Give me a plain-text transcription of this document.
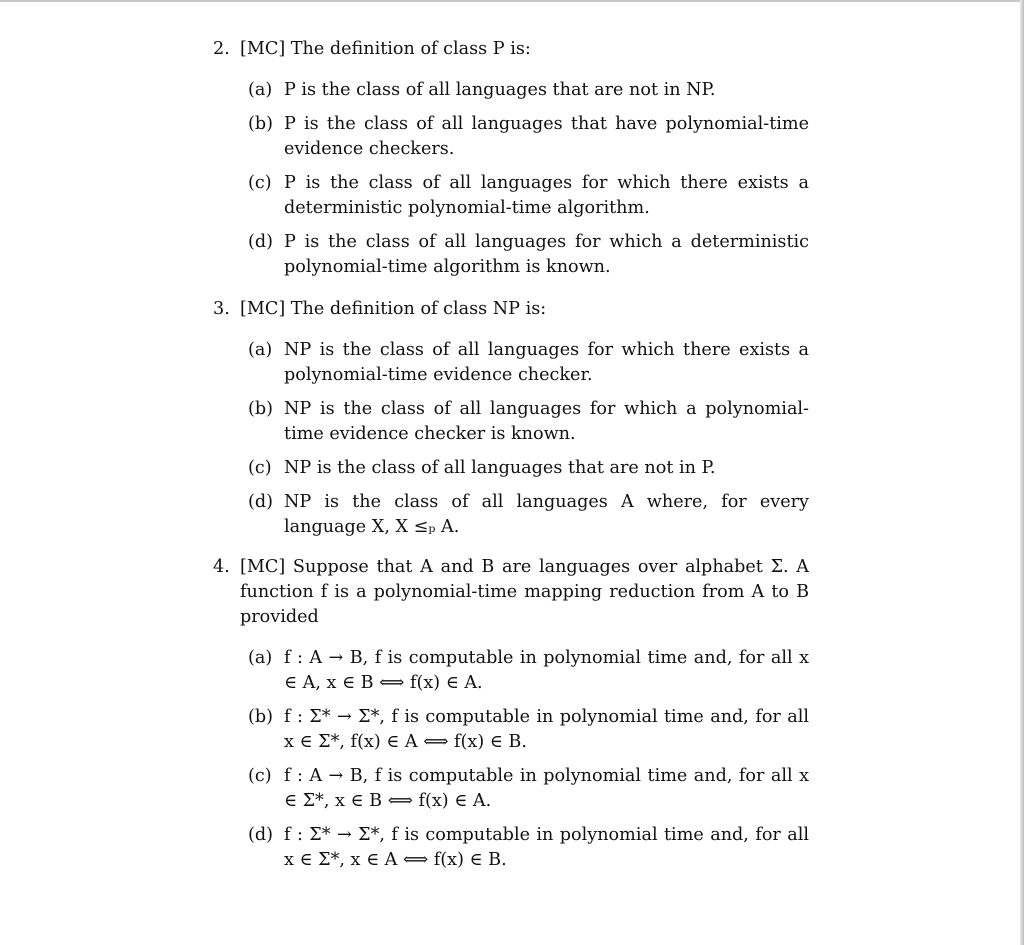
2. [MC] The definition of class P is:
(a) P is the class of all languages that are not in NP.
(b) P is the class of all languages that have polynomial-time evidence checkers.
(c) P is the class of all languages for which there exists a deterministic polynomial-time algorithm.
(d) P is the class of all languages for which a deterministic polynomial-time algorithm is known.
3. [MC] The definition of class NP is:
(a) NP is the class of all languages for which there exists a polynomial-time evidence checker.
(b) NP is the class of all languages for which a polynomial-time evidence checker is known.
(c) NP is the class of all languages that are not in P.
(d) NP is the class of all languages A where, for every language X, X ≤ₚ A.
4. [MC] Suppose that A and B are languages over alphabet Σ. A function f is a polynomial-time mapping reduction from A to B provided
(a) f : A → B, f is computable in polynomial time and, for all x ∈ A, x ∈ B ⟺ f(x) ∈ A.
(b) f : Σ* → Σ*, f is computable in polynomial time and, for all x ∈ Σ*, f(x) ∈ A ⟺ f(x) ∈ B.
(c) f : A → B, f is computable in polynomial time and, for all x ∈ Σ*, x ∈ B ⟺ f(x) ∈ A.
(d) f : Σ* → Σ*, f is computable in polynomial time and, for all x ∈ Σ*, x ∈ A ⟺ f(x) ∈ B.
